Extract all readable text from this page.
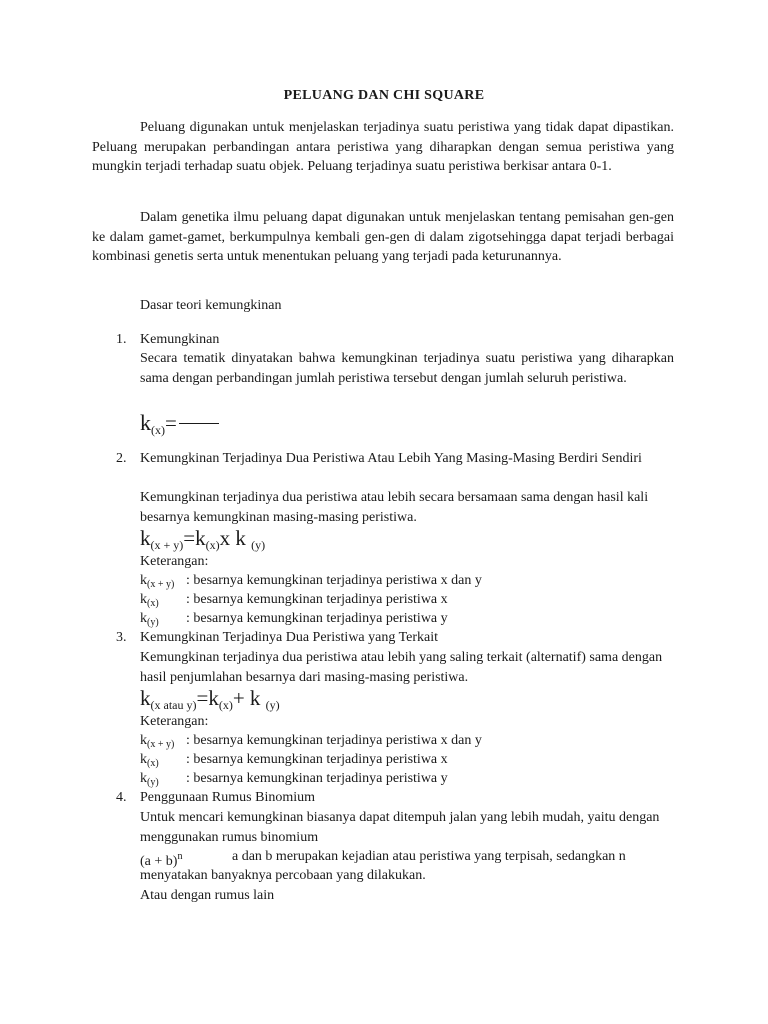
PELUANG DAN CHI SQUARE
Peluang digunakan untuk menjelaskan terjadinya suatu peristiwa yang tidak dapat dipastikan. Peluang merupakan perbandingan antara peristiwa yang diharapkan dengan semua peristiwa yang mungkin terjadi terhadap suatu objek. Peluang terjadinya suatu peristiwa berkisar antara 0-1.
Dalam genetika ilmu peluang dapat digunakan untuk menjelaskan tentang pemisahan gen-gen ke dalam gamet-gamet, berkumpulnya kembali gen-gen di dalam zigotsehingga dapat terjadi berbagai kombinasi genetis serta untuk menentukan peluang yang terjadi pada keturunannya.
Dasar teori kemungkinan
1. Kemungkinan
Secara tematik dinyatakan bahwa kemungkinan terjadinya suatu peristiwa yang diharapkan sama dengan perbandingan jumlah peristiwa tersebut dengan jumlah seluruh peristiwa.
$k_{(x)}=$
2. Kemungkinan Terjadinya Dua Peristiwa Atau Lebih Yang Masing-Masing Berdiri Sendiri
Kemungkinan terjadinya dua peristiwa atau lebih secara bersamaan sama dengan hasil kali besarnya kemungkinan masing-masing peristiwa.
$k_{(x + y)}=k_{(x)}x$ k $_{(y)}$
Keterangan:
$k_{(x + y)}$ : besarnya kemungkinan terjadinya peristiwa x dan y
$k_{(x)}$ : besarnya kemungkinan terjadinya peristiwa x
$k_{(y)}$ : besarnya kemungkinan terjadinya peristiwa y
3. Kemungkinan Terjadinya Dua Peristiwa yang Terkait
Kemungkinan terjadinya dua peristiwa atau lebih yang saling terkait (alternatif) sama dengan hasil penjumlahan besarnya dari masing-masing peristiwa.
$k_{(x atau y)}=k_{(x)}+ k$ $_{(y)}$
Keterangan:
$k_{(x + y)}$ : besarnya kemungkinan terjadinya peristiwa x dan y
$k_{(x)}$ : besarnya kemungkinan terjadinya peristiwa x
$k_{(y)}$ : besarnya kemungkinan terjadinya peristiwa y
4. Penggunaan Rumus Binomium
Untuk mencari kemungkinan biasanya dapat ditempuh jalan yang lebih mudah, yaitu dengan menggunakan rumus binomium
$(a + b)^n$	a dan b merupakan kejadian atau peristiwa yang terpisah, sedangkan n
menyatakan banyaknya percobaan yang dilakukan.
Atau dengan rumus lain
